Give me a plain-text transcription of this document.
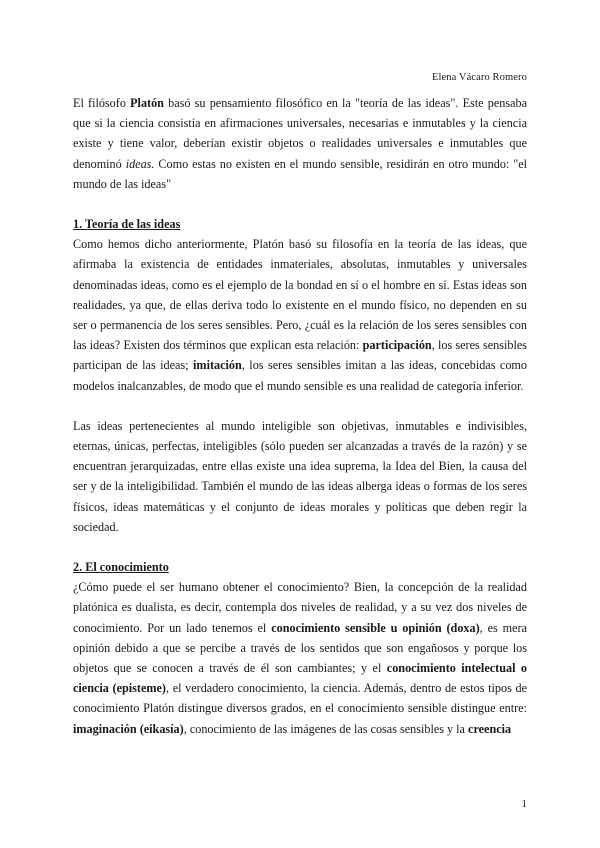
Elena Vácaro Romero

El filósofo Platón basó su pensamiento filosófico en la "teoría de las ideas". Este pensaba que si la ciencia consistía en afirmaciones universales, necesarias e inmutables y la ciencia existe y tiene valor, deberían existir objetos o realidades universales e inmutables que denominó ideas. Como estas no existen en el mundo sensible, residirán en otro mundo: "el mundo de las ideas"

1. Teoría de las ideas

Como hemos dicho anteriormente, Platón basó su filosofía en la teoría de las ideas, que afirmaba la existencia de entidades inmateriales, absolutas, inmutables y universales denominadas ideas, como es el ejemplo de la bondad en sí o el hombre en sí. Estas ideas son realidades, ya que, de ellas deriva todo lo existente en el mundo físico, no dependen en su ser o permanencia de los seres sensibles. Pero, ¿cuál es la relación de los seres sensibles con las ideas? Existen dos términos que explican esta relación: participación, los seres sensibles participan de las ideas; imitación, los seres sensibles imitan a las ideas, concebidas como modelos inalcanzables, de modo que el mundo sensible es una realidad de categoría inferior.

Las ideas pertenecientes al mundo inteligible son objetivas, inmutables e indivisibles, eternas, únicas, perfectas, inteligibles (sólo pueden ser alcanzadas a través de la razón) y se encuentran jerarquizadas, entre ellas existe una idea suprema, la Idea del Bien, la causa del ser y de la inteligibilidad. También el mundo de las ideas alberga ideas o formas de los seres físicos, ideas matemáticas y el conjunto de ideas morales y políticas que deben regir la sociedad.

2. El conocimiento

¿Cómo puede el ser humano obtener el conocimiento? Bien, la concepción de la realidad platónica es dualista, es decir, contempla dos niveles de realidad, y a su vez dos niveles de conocimiento. Por un lado tenemos el conocimiento sensible u opinión (doxa), es mera opinión debido a que se percibe a través de los sentidos que son engañosos y porque los objetos que se conocen a través de él son cambiantes; y el conocimiento intelectual o ciencia (episteme), el verdadero conocimiento, la ciencia. Además, dentro de estos tipos de conocimiento Platón distingue diversos grados, en el conocimiento sensible distingue entre: imaginación (eikasía), conocimiento de las imágenes de las cosas sensibles y la creencia

1
